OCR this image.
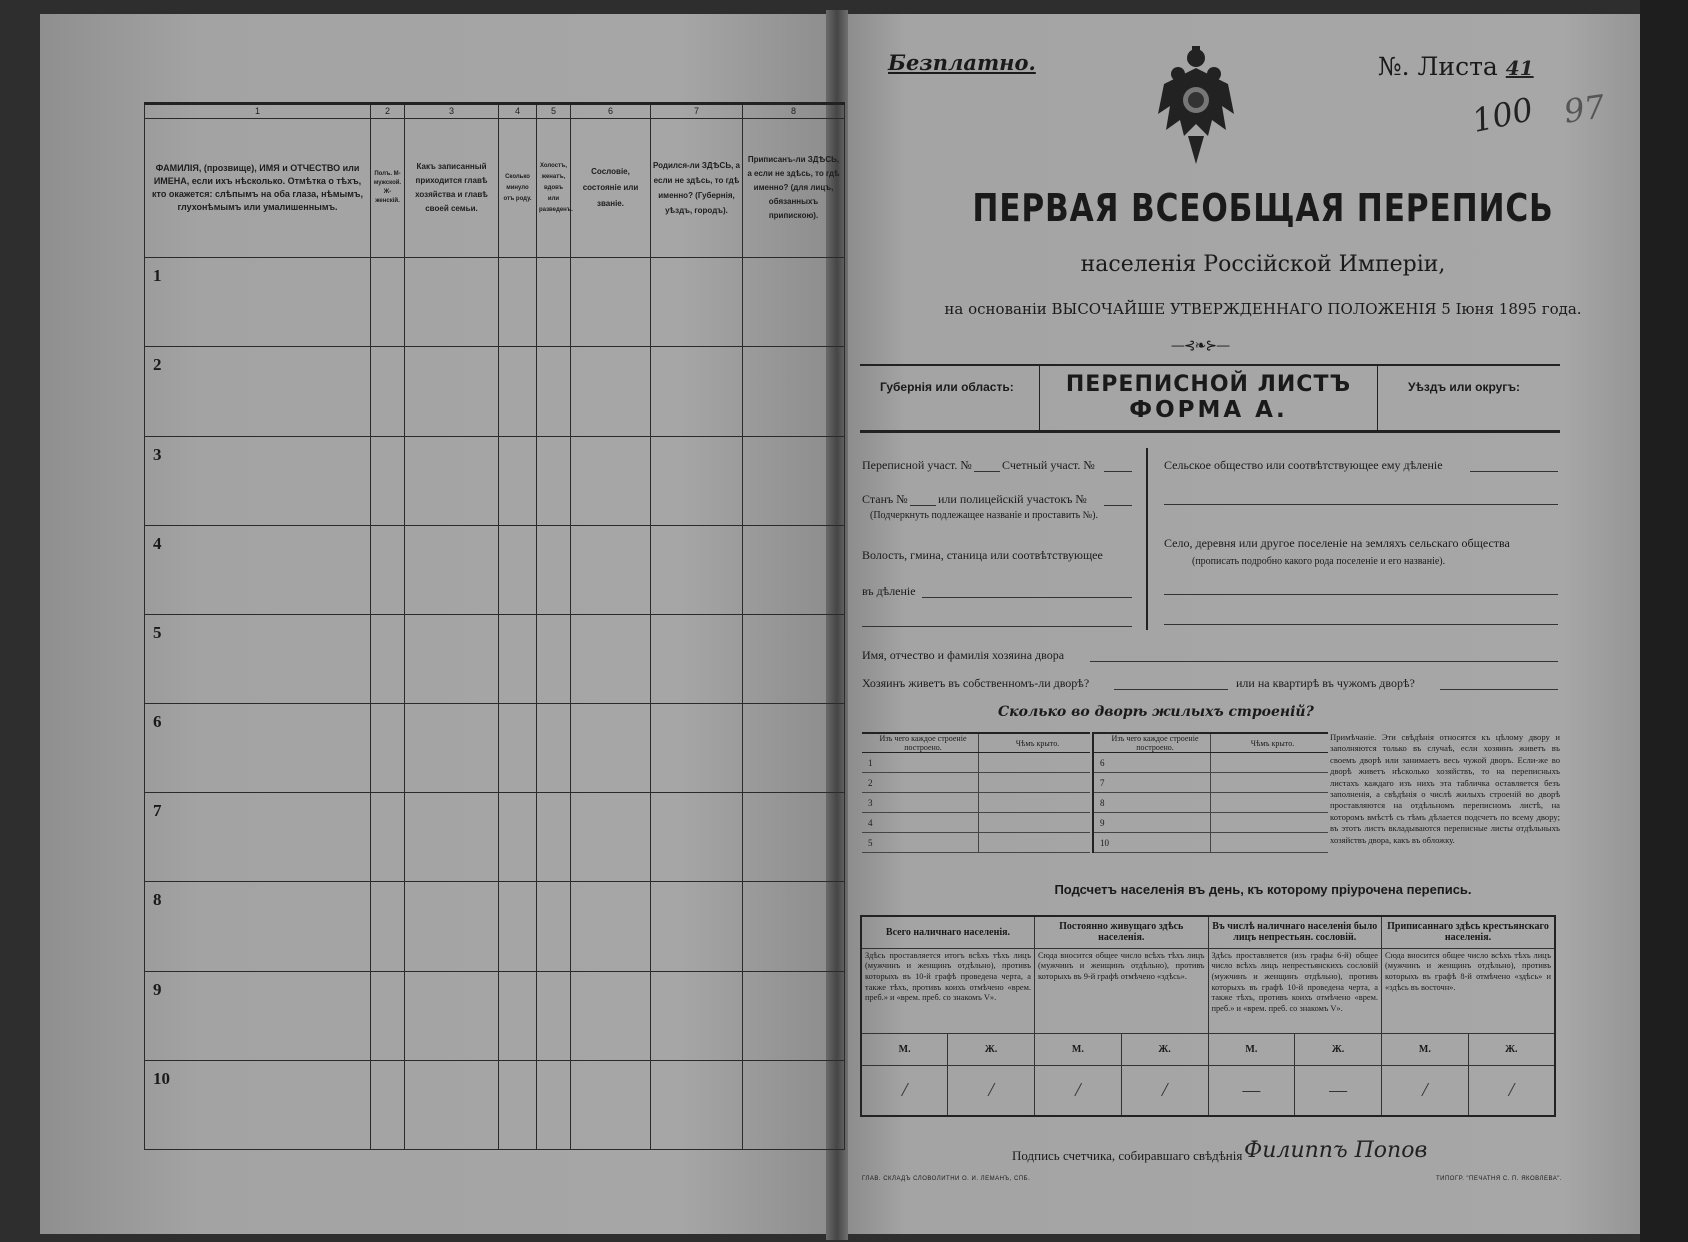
1	2	3	4	5	6	7	8
ФАМИЛІЯ, (прозвище), ИМЯ и ОТЧЕСТВО или ИМЕНА, если ихъ нѣсколько. Отмѣтка о тѣхъ, кто окажется: слѣпымъ на оба глаза, нѣмымъ, глухонѣмымъ или умалишеннымъ.	Полъ. М-мужской. Ж-женскій.	Какъ записанный приходится главѣ хозяйства и главѣ своей семьи.	Сколько минуло отъ роду.	Холостъ, женатъ, вдовъ или разведенъ.	Сословіе, состояніе или званіе.	Родился-ли ЗДѢСЬ, а если не здѣсь, то гдѣ именно? (Губернія, уѣздъ, городъ).	Приписанъ-ли ЗДѢСЬ, а если не здѣсь, то гдѣ именно? (для лицъ, обязанныхъ припискою).

1							

2							

3							

4							

5							

6							

7							

8							

9							

10							

Безплатно.	№. Листа 41
100 97
ПЕРВАЯ ВСЕОБЩАЯ ПЕРЕПИСЬ
населенія Россійской Имперіи,
на основаніи ВЫСОЧАЙШЕ УТВЕРЖДЕННАГО ПОЛОЖЕНІЯ 5 Іюня 1895 года.
—⊰❧⊱—
Губернія или область:	ПЕРЕПИСНОЙ ЛИСТЪ
ФОРМА А.
Уѣздъ или округъ:
Переписной участ. №	Счетный участ. №
Станъ №	или полицейскій участокъ №
(Подчеркнуть подлежащее названіе и проставить №).
Волость, гмина, станица или соотвѣтствующее
въ дѣленіе
Сельское общество или соотвѣтствующее ему дѣленіе
Село, деревня или другое поселеніе на земляхъ сельскаго общества
(прописать подробно какого рода поселеніе и его названіе).
Имя, отчество и фамилія хозяина двора
Хозяинъ живетъ въ собственномъ-ли дворѣ?	или на квартирѣ въ чужомъ дворѣ?
Сколько во дворѣ жилыхъ строеній?
Изъ чего каждое строеніе построено.	Чѣмъ крыто.
1	
2	
3	
4	
5	
Изъ чего каждое строеніе построено.	Чѣмъ крыто.
6	
7	
8	
9	
10	
Примѣчаніе. Эти свѣдѣнія относятся къ цѣлому двору и заполняются только въ случаѣ, если хозяинъ живетъ въ своемъ дворѣ или занимаетъ весь чужой дворъ. Если-же во дворѣ живетъ нѣсколько хозяйствъ, то на переписныхъ листахъ каждаго изъ нихъ эта табличка оставляется безъ заполненія, а свѣдѣнія о числѣ жилыхъ строеній во дворѣ проставляются на отдѣльномъ переписномъ листѣ, на которомъ вмѣстѣ съ тѣмъ дѣлается подсчетъ по всему двору; въ этотъ листъ вкладываются переписные листы отдѣльныхъ хозяйствъ двора, какъ въ обложку.
Подсчетъ населенія въ день, къ которому пріурочена перепись.
Всего наличнаго населенія.		Постоянно живущаго здѣсь населенія.		Въ числѣ наличнаго населенія было лицъ непрестьян. сословій.		Приписаннаго здѣсь крестьянскаго населенія.	
Здѣсь проставляется итогъ всѣхъ тѣхъ лицъ (мужчинъ и женщинъ отдѣльно), противъ которыхъ въ 10-й графѣ проведена черта, а также тѣхъ, противъ коихъ отмѣчено «врем. преб.» и «врем. преб. со знакомъ V».		Сюда вносится общее число всѣхъ тѣхъ лицъ (мужчинъ и женщинъ отдѣльно), противъ которыхъ въ 9-й графѣ отмѣчено «здѣсь».		Здѣсь проставляется (изъ графы 6-й) общее число всѣхъ лицъ непрестьянскихъ сословій (мужчинъ и женщинъ отдѣльно), противъ которыхъ въ графѣ 10-й проведена черта, а также тѣхъ, противъ коихъ отмѣчено «врем. преб.» и «врем. преб. со знакомъ V».		Сюда вносится общее число всѣхъ тѣхъ лицъ (мужчинъ и женщинъ отдѣльно), противъ которыхъ въ графѣ 8-й отмѣчено «здѣсь» и «здѣсь въ восточн».	
М.	Ж.	М.	Ж.	М.	Ж.	М.	Ж.
/	/	/	/	—	—	/	/
Подпись счетчика, собиравшаго свѣдѣнія Филиппъ Попов
ГЛАВ. СКЛАДЪ СЛОВОЛИТНИ О. И. ЛЕМАНЪ, СПБ.	ТИПОГР. "ПЕЧАТНЯ С. П. ЯКОВЛЕВА".
